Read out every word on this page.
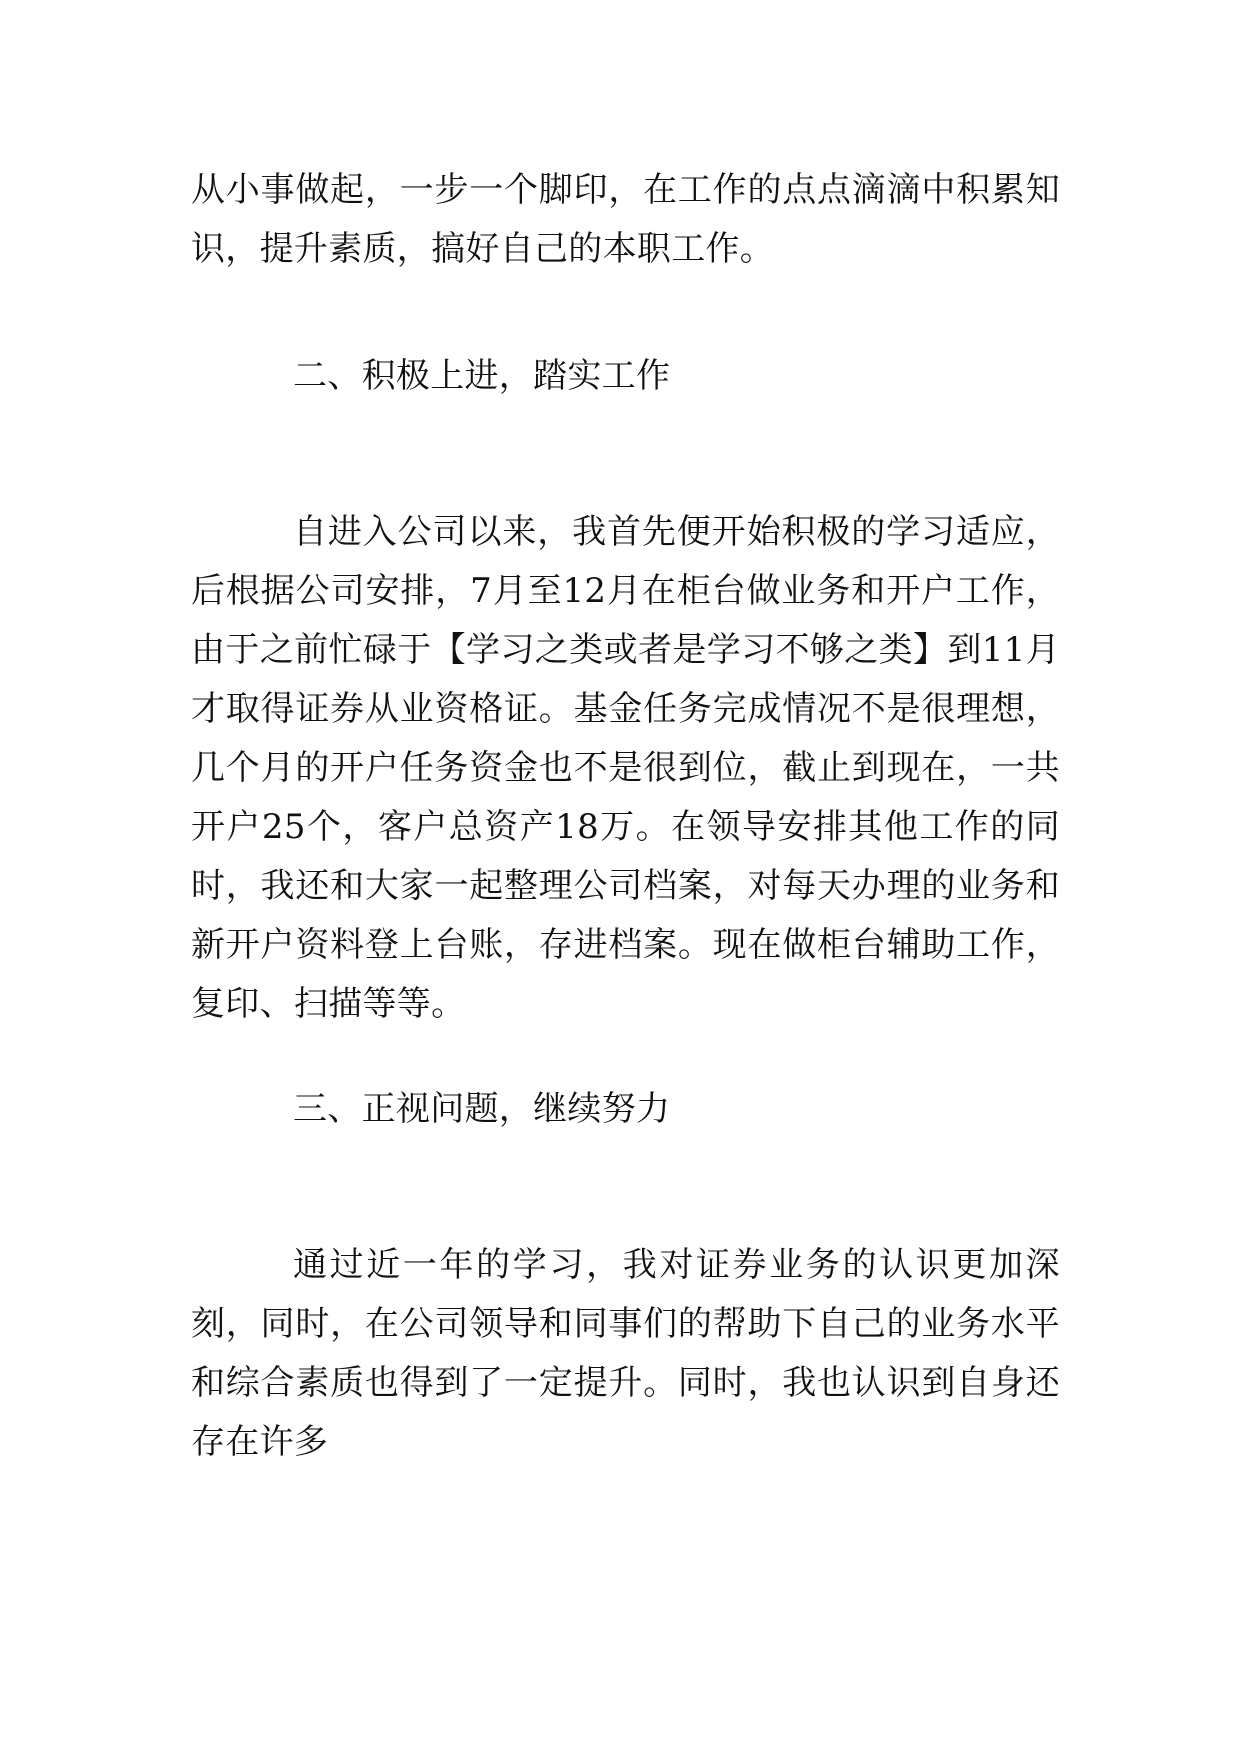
从小事做起，一步一个脚印，在工作的点点滴滴中积累知识，提升素质，搞好自己的本职工作。

二、积极上进，踏实工作

自进入公司以来，我首先便开始积极的学习适应，后根据公司安排，7月至12月在柜台做业务和开户工作，由于之前忙碌于【学习之类或者是学习不够之类】到11月才取得证券从业资格证。基金任务完成情况不是很理想，几个月的开户任务资金也不是很到位，截止到现在，一共开户25个，客户总资产18万。在领导安排其他工作的同时，我还和大家一起整理公司档案，对每天办理的业务和新开户资料登上台账，存进档案。现在做柜台辅助工作，复印、扫描等等。

三、正视问题，继续努力

通过近一年的学习，我对证券业务的认识更加深刻，同时，在公司领导和同事们的帮助下自己的业务水平和综合素质也得到了一定提升。同时，我也认识到自身还存在许多
